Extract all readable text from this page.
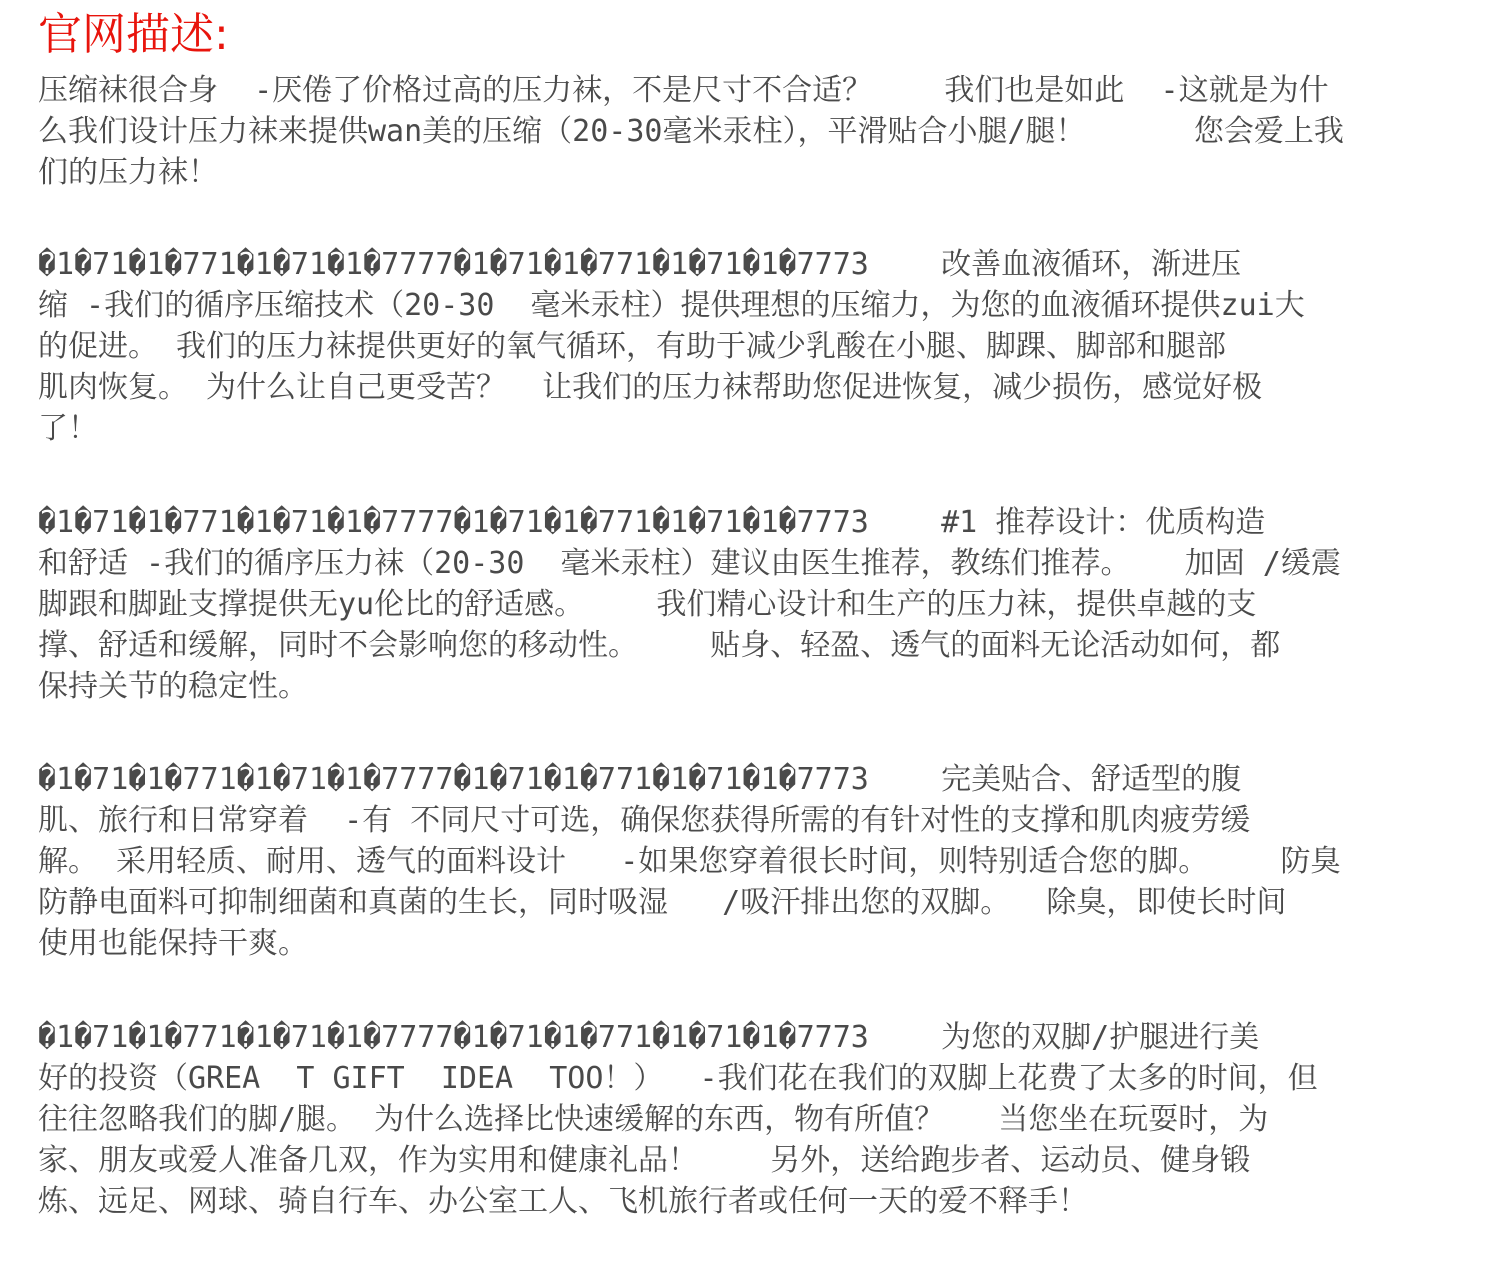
官网描述:
压缩袜很合身  -厌倦了价格过高的压力袜，不是尺寸不合适？    我们也是如此  -这就是为什
么我们设计压力袜来提供wan美的压缩（20-30毫米汞柱），平滑贴合小腿/腿！      您会爱上我
们的压力袜！
�1�71�1�771�1�71�1�7777�1�71�1�771�1�71�1�7773    改善血液循环，渐进压
缩 -我们的循序压缩技术（20-30  毫米汞柱）提供理想的压缩力，为您的血液循环提供zui大
的促进。 我们的压力袜提供更好的氧气循环，有助于减少乳酸在小腿、脚踝、脚部和腿部
肌肉恢复。 为什么让自己更受苦？  让我们的压力袜帮助您促进恢复，减少损伤，感觉好极
了！
�1�71�1�771�1�71�1�7777�1�71�1�771�1�71�1�7773    #1 推荐设计：优质构造
和舒适 -我们的循序压力袜（20-30  毫米汞柱）建议由医生推荐，教练们推荐。   加固 /缓震
脚跟和脚趾支撑提供无yu伦比的舒适感。    我们精心设计和生产的压力袜，提供卓越的支
撑、舒适和缓解，同时不会影响您的移动性。    贴身、轻盈、透气的面料无论活动如何，都
保持关节的稳定性。
�1�71�1�771�1�71�1�7777�1�71�1�771�1�71�1�7773    完美贴合、舒适型的腹
肌、旅行和日常穿着  -有 不同尺寸可选，确保您获得所需的有针对性的支撑和肌肉疲劳缓
解。 采用轻质、耐用、透气的面料设计   -如果您穿着很长时间，则特别适合您的脚。    防臭
防静电面料可抑制细菌和真菌的生长，同时吸湿   /吸汗排出您的双脚。  除臭，即使长时间
使用也能保持干爽。
�1�71�1�771�1�71�1�7777�1�71�1�771�1�71�1�7773    为您的双脚/护腿进行美
好的投资（GREA  T GIFT  IDEA  TOO！）  -我们花在我们的双脚上花费了太多的时间，但
往往忽略我们的脚/腿。 为什么选择比快速缓解的东西，物有所值？   当您坐在玩耍时，为
家、朋友或爱人准备几双，作为实用和健康礼品！    另外，送给跑步者、运动员、健身锻
炼、远足、网球、骑自行车、办公室工人、飞机旅行者或任何一天的爱不释手！
